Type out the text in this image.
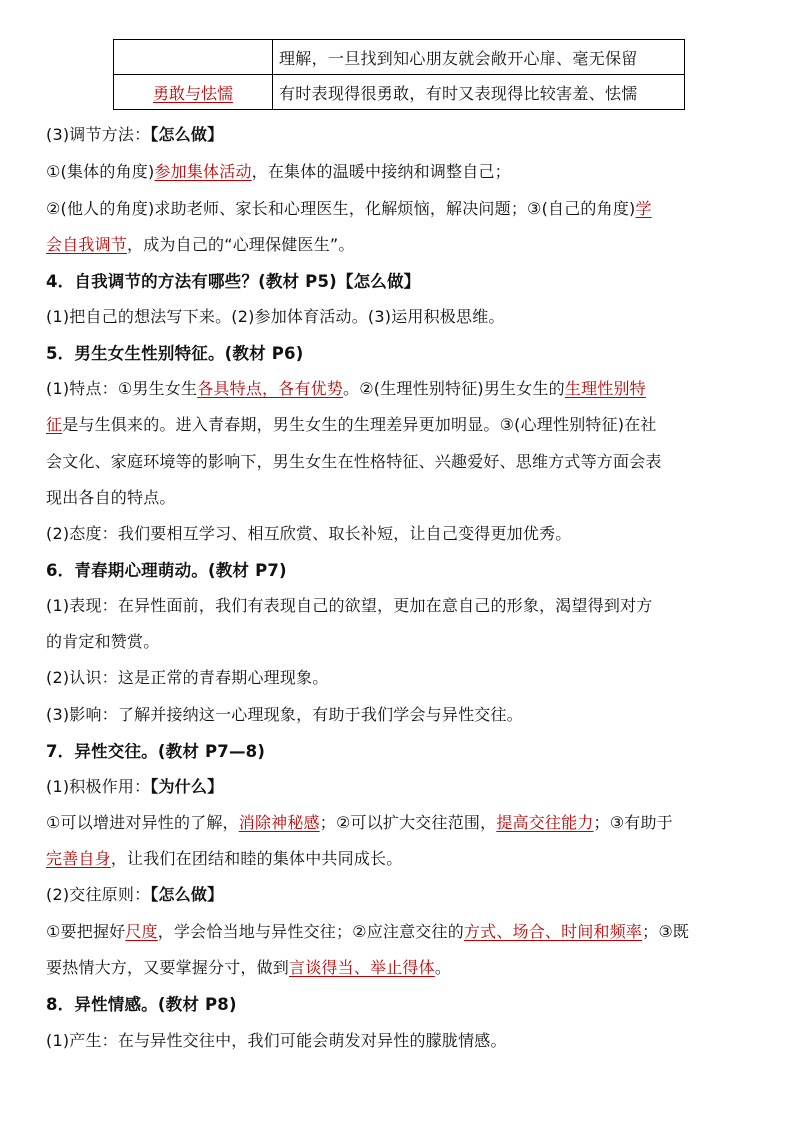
	理解，一旦找到知心朋友就会敞开心扉、毫无保留
勇敢与怯懦	有时表现得很勇敢，有时又表现得比较害羞、怯懦
(3)调节方法：【怎么做】
①(集体的角度)参加集体活动，在集体的温暖中接纳和调整自己；
②(他人的角度)求助老师、家长和心理医生，化解烦恼，解决问题；③(自己的角度)学
会自我调节，成为自己的“心理保健医生”。
4．自我调节的方法有哪些？(教材 P5)【怎么做】
(1)把自己的想法写下来。(2)参加体育活动。(3)运用积极思维。
5．男生女生性别特征。(教材 P6)
(1)特点：①男生女生各具特点，各有优势。②(生理性别特征)男生女生的生理性别特
征是与生俱来的。进入青春期，男生女生的生理差异更加明显。③(心理性别特征)在社
会文化、家庭环境等的影响下，男生女生在性格特征、兴趣爱好、思维方式等方面会表
现出各自的特点。
(2)态度：我们要相互学习、相互欣赏、取长补短，让自己变得更加优秀。
6．青春期心理萌动。(教材 P7)
(1)表现：在异性面前，我们有表现自己的欲望，更加在意自己的形象，渴望得到对方
的肯定和赞赏。
(2)认识：这是正常的青春期心理现象。
(3)影响：了解并接纳这一心理现象，有助于我们学会与异性交往。
7．异性交往。(教材 P7—8)
(1)积极作用：【为什么】
①可以增进对异性的了解，消除神秘感；②可以扩大交往范围，提高交往能力；③有助于
完善自身，让我们在团结和睦的集体中共同成长。
(2)交往原则：【怎么做】
①要把握好尺度，学会恰当地与异性交往；②应注意交往的方式、场合、时间和频率；③既
要热情大方，又要掌握分寸，做到言谈得当、举止得体。
8．异性情感。(教材 P8)
(1)产生：在与异性交往中，我们可能会萌发对异性的朦胧情感。
